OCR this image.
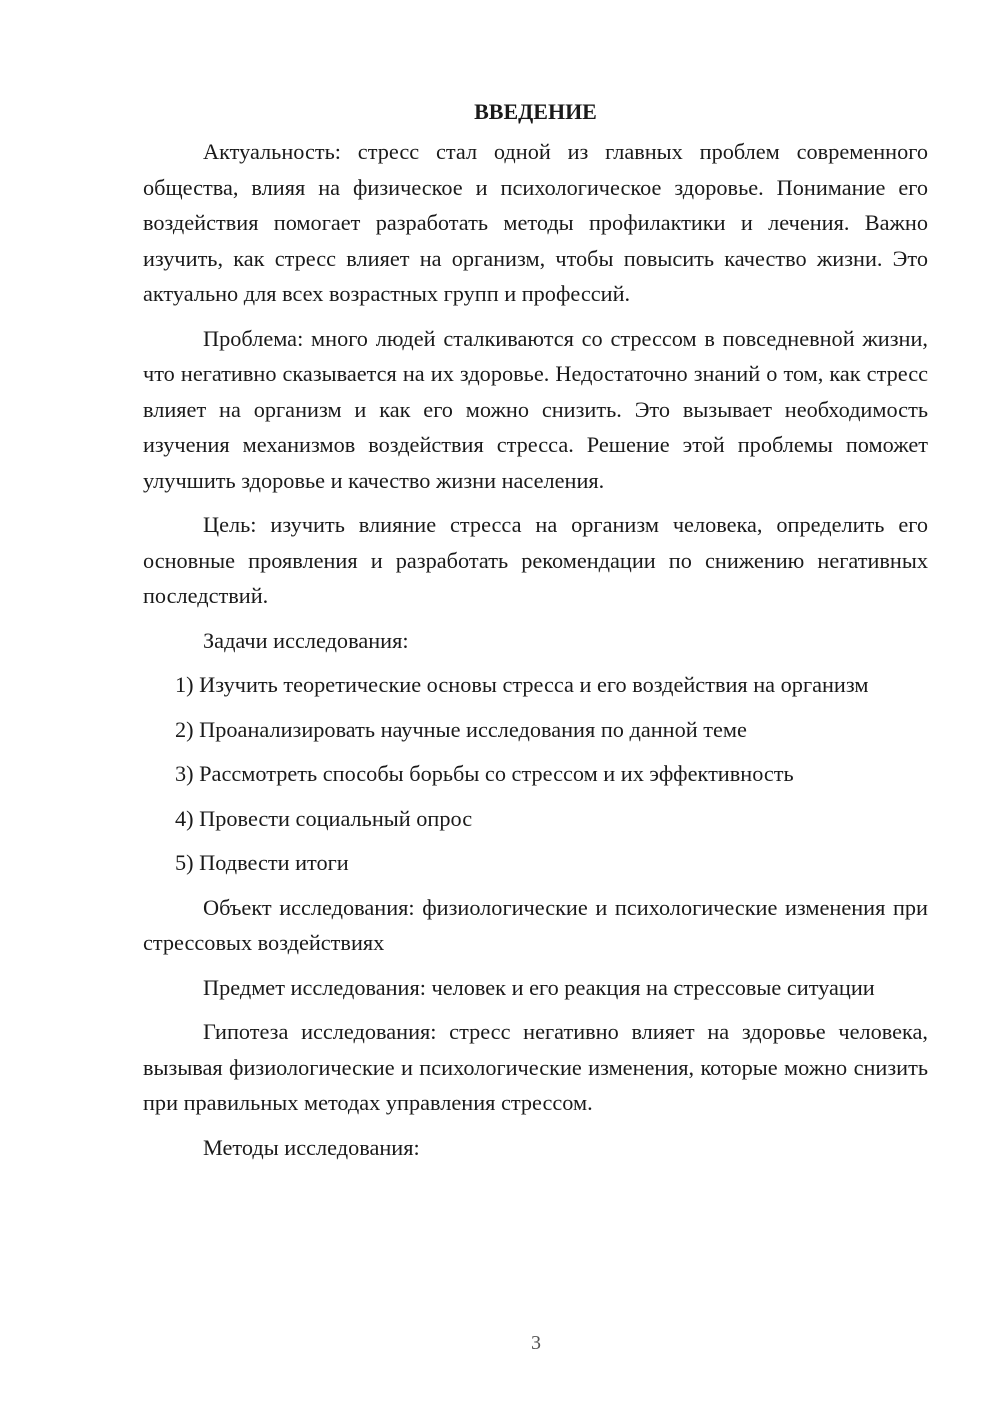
ВВЕДЕНИЕ

Актуальность: стресс стал одной из главных проблем современного общества, влияя на физическое и психологическое здоровье. Понимание его воздействия помогает разработать методы профилактики и лечения. Важно изучить, как стресс влияет на организм, чтобы повысить качество жизни. Это актуально для всех возрастных групп и профессий.

Проблема: много людей сталкиваются со стрессом в повседневной жизни, что негативно сказывается на их здоровье. Недостаточно знаний о том, как стресс влияет на организм и как его можно снизить. Это вызывает необходимость изучения механизмов воздействия стресса. Решение этой проблемы поможет улучшить здоровье и качество жизни населения.

Цель: изучить влияние стресса на организм человека, определить его основные проявления и разработать рекомендации по снижению негативных последствий.

Задачи исследования:

1) Изучить теоретические основы стресса и его воздействия на организм

2) Проанализировать научные исследования по данной теме

3) Рассмотреть способы борьбы со стрессом и их эффективность

4) Провести социальный опрос

5) Подвести итоги

Объект исследования: физиологические и психологические изменения при стрессовых воздействиях

Предмет исследования: человек и его реакция на стрессовые ситуации

Гипотеза исследования: стресс негативно влияет на здоровье человека, вызывая физиологические и психологические изменения, которые можно снизить при правильных методах управления стрессом.

Методы исследования:

3
